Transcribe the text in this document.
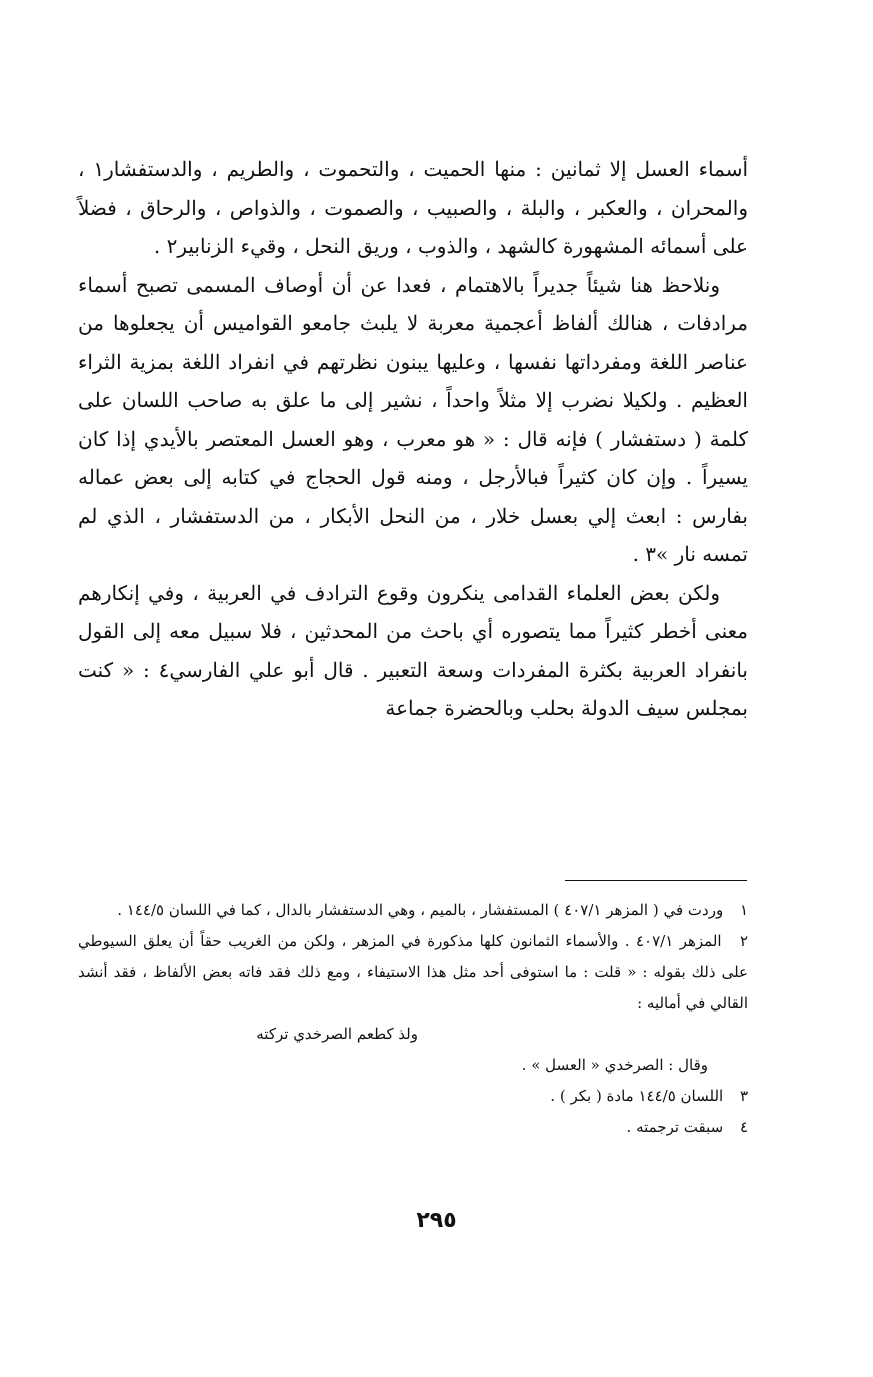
أسماء العسل إلا ثمانين : منها الحميت ، والتحموت ، والطريم ، والدستفشار١ ، والمحران ، والعكبر ، والبلة ، والصبيب ، والصموت ، والذواص ، والرحاق ، فضلاً على أسمائه المشهورة كالشهد ، والذوب ، وريق النحل ، وقيء الزنابير٢ .

ونلاحظ هنا شيئاً جديراً بالاهتمام ، فعدا عن أن أوصاف المسمى تصبح أسماء مرادفات ، هنالك ألفاظ أعجمية معربة لا يلبث جامعو القواميس أن يجعلوها من عناصر اللغة ومفرداتها نفسها ، وعليها يبنون نظرتهم في انفراد اللغة بمزية الثراء العظيم . ولكيلا نضرب إلا مثلاً واحداً ، نشير إلى ما علق به صاحب اللسان على كلمة ( دستفشار ) فإنه قال : « هو معرب ، وهو العسل المعتصر بالأيدي إذا كان يسيراً . وإن كان كثيراً فبالأرجل ، ومنه قول الحجاج في كتابه إلى بعض عماله بفارس : ابعث إلي بعسل خلار ، من النحل الأبكار ، من الدستفشار ، الذي لم تمسه نار »٣ .

ولكن بعض العلماء القدامى ينكرون وقوع الترادف في العربية ، وفي إنكارهم معنى أخطر كثيراً مما يتصوره أي باحث من المحدثين ، فلا سبيل معه إلى القول بانفراد العربية بكثرة المفردات وسعة التعبير . قال أبو علي الفارسي٤ : « كنت بمجلس سيف الدولة بحلب وبالحضرة جماعة

١ وردت في ( المزهر ٤٠٧/١ ) المستفشار ، بالميم ، وهي الدستفشار بالدال ، كما في اللسان ١٤٤/٥ .

٢ المزهر ٤٠٧/١ . والأسماء الثمانون كلها مذكورة في المزهر ، ولكن من الغريب حقاً أن يعلق السيوطي على ذلك بقوله : « قلت : ما استوفى أحد مثل هذا الاستيفاء ، ومع ذلك فقد فاته بعض الألفاظ ، فقد أنشد القالي في أماليه :

ولذ كطعم الصرخدي تركته

وقال : الصرخدي « العسل » .

٣ اللسان ١٤٤/٥ مادة ( بكر ) .

٤ سبقت ترجمته .

٢٩٥
